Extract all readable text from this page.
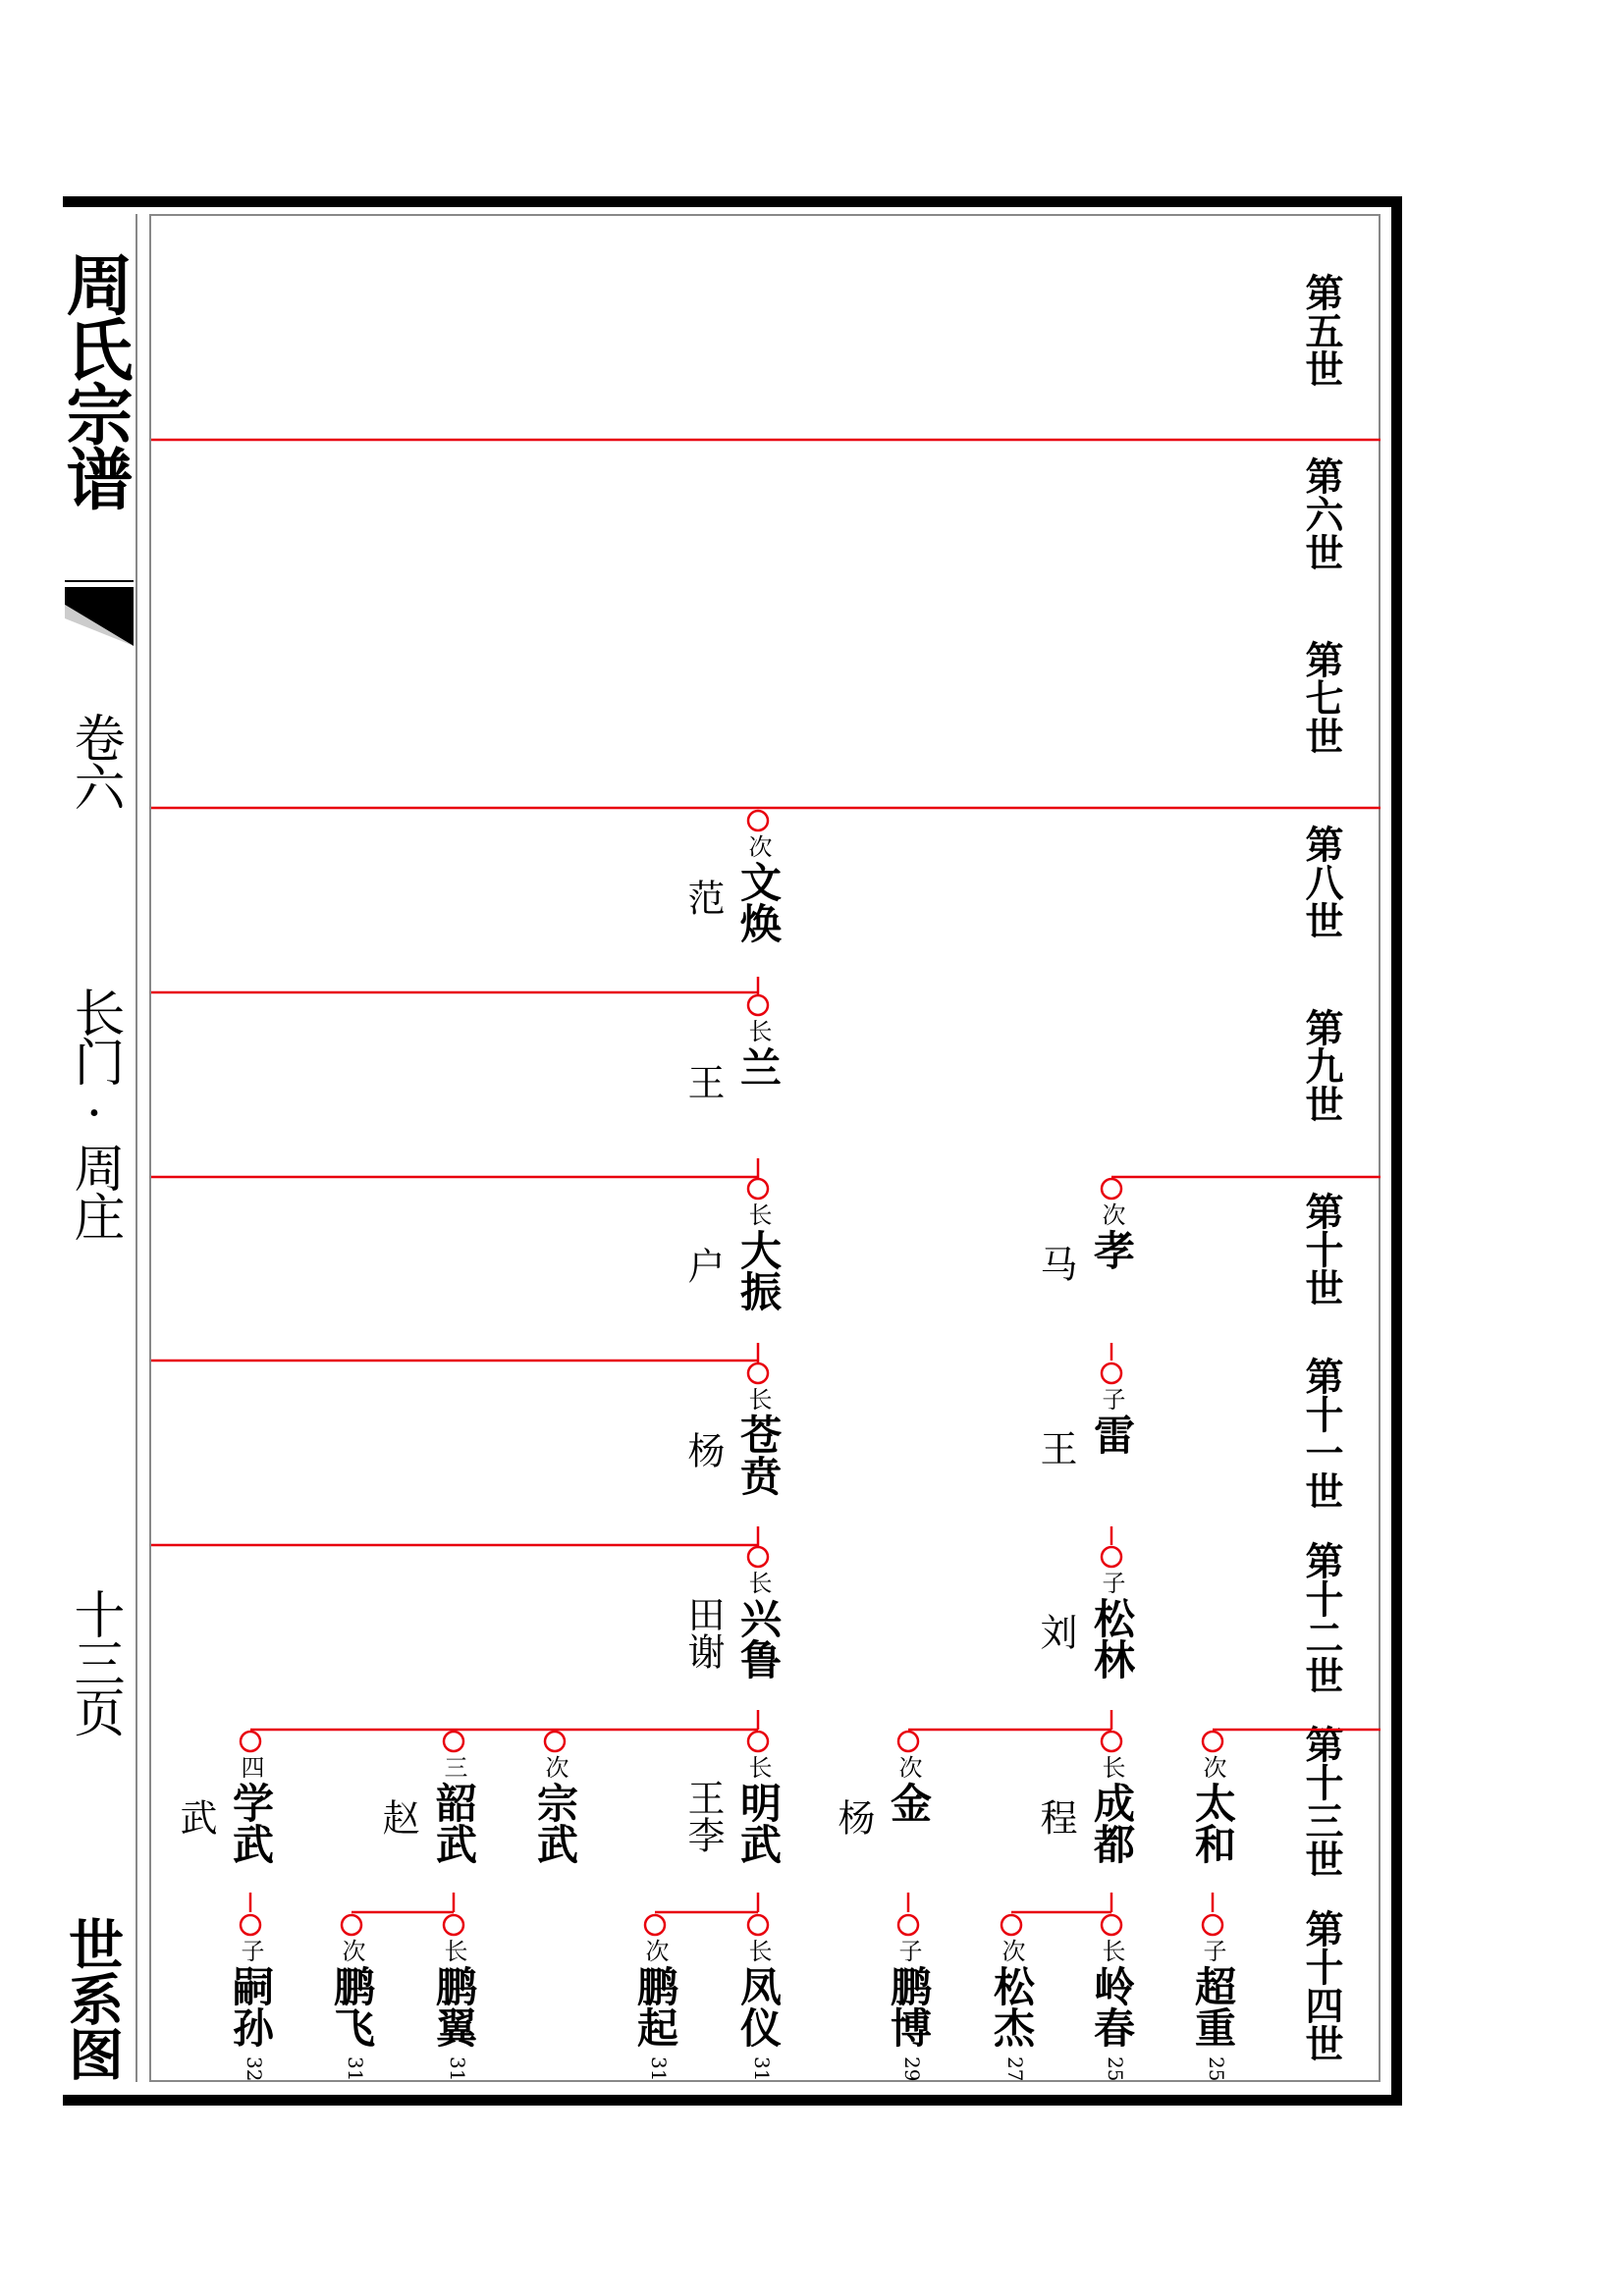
周氏宗谱
卷六
长门·周庄
十三页
世系图
第五世
第六世
第七世
第八世
第九世
第十世
第十一世
第十二世
第十三世
第十四世
次
文焕
范
长
兰
王
长
大振
户
长
苍贲
杨
长
兴鲁
田谢
长
明武
王李
次
宗武
三
韶武
赵
四
学武
武
长
凤仪
31
次
鹏起
31
长
鹏翼
31
次
鹏飞
31
子
嗣孙
32
次
孝
马
子
雷
王
子
松林
刘
长
成都
程
次
金
杨
长
岭春
25
次
松杰
27
子
鹏博
29
次
太和
子
超重
25
